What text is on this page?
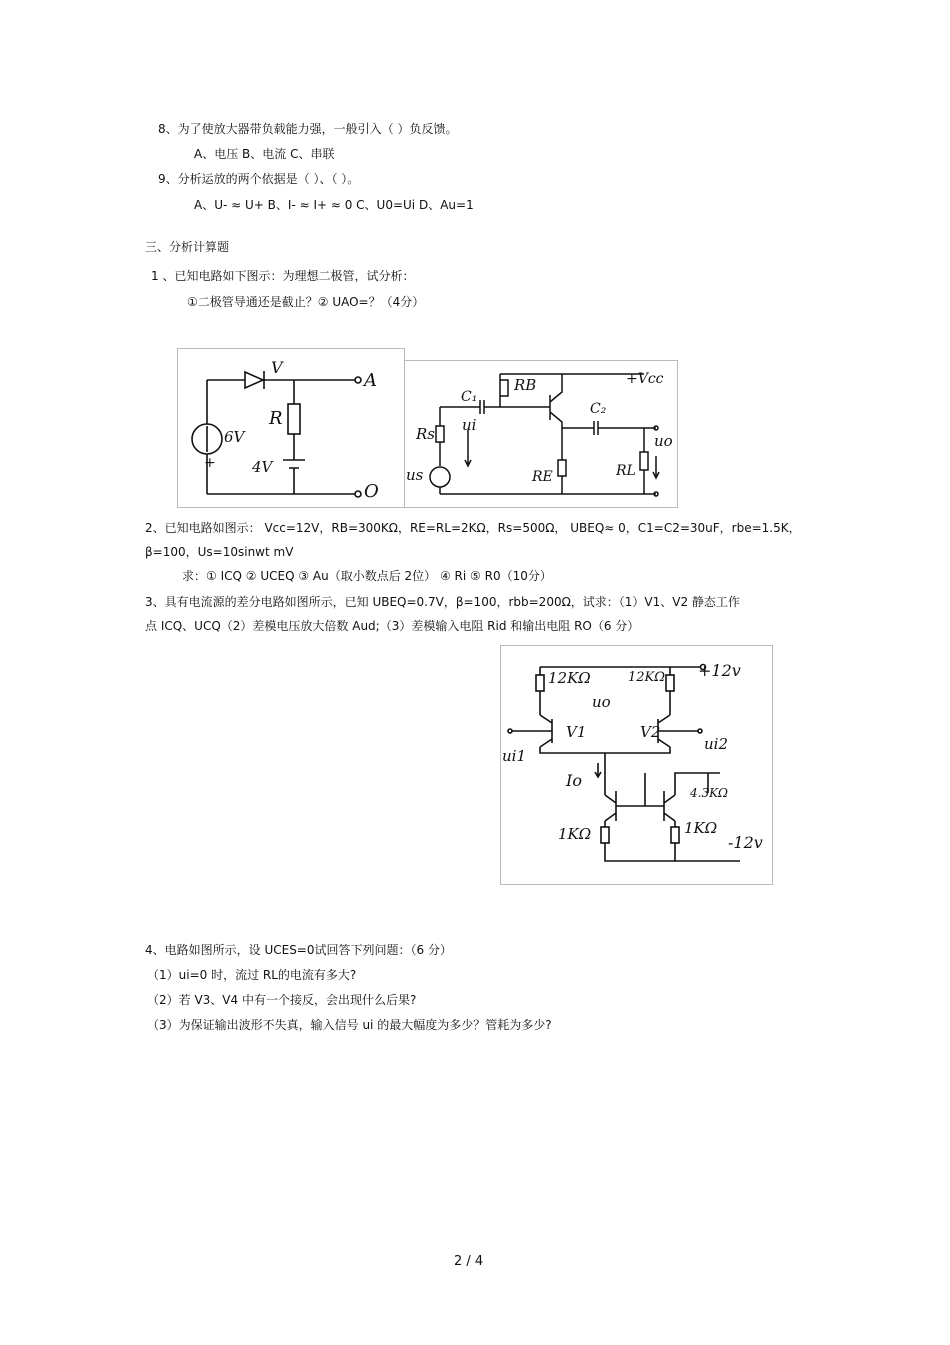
8、为了使放大器带负载能力强，一般引入（ ）负反馈。
A、电压 B、电流 C、串联
9、分析运放的两个依据是（ ）、（ ）。
A、U- ≈ U+ B、I- ≈ I+ ≈ 0 C、U0=Ui D、Au=1
三、分析计算题
1 、已知电路如下图示：为理想二极管，试分析：
①二极管导通还是截止？② UAO=？（4分）
V
A
R
6V
+ 4V
O
C₁
RB	+Vcc
C₂
Rs ui
uo
us	RE	RL
2、已知电路如图示： Vcc=12V，RB=300KΩ，RE=RL=2KΩ，Rs=500Ω， UBEQ≈ 0，C1=C2=30uF，rbe=1.5K，
β=100，Us=10sinwt mV
求：① ICQ ② UCEQ ③ Au（取小数点后 2位） ④ Ri ⑤ R0（10分）
3、具有电流源的差分电路如图所示，已知 UBEQ=0.7V，β=100，rbb=200Ω，试求：（1）V1、V2 静态工作
点 ICQ、UCQ（2）差模电压放大倍数 Aud;（3）差模输入电阻 Rid 和输出电阻 RO（6 分）
12KΩ	12KΩ +12v
uo
V1	V2
ui1
ui2
Io
4.3KΩ
1KΩ	1KΩ
-12v
4、电路如图所示，设 UCES=0试回答下列问题：（6 分）
（1）ui=0 时，流过 RL的电流有多大?
（2）若 V3、V4 中有一个接反，会出现什么后果?
（3）为保证输出波形不失真，输入信号 ui 的最大幅度为多少？管耗为多少?
2 / 4
